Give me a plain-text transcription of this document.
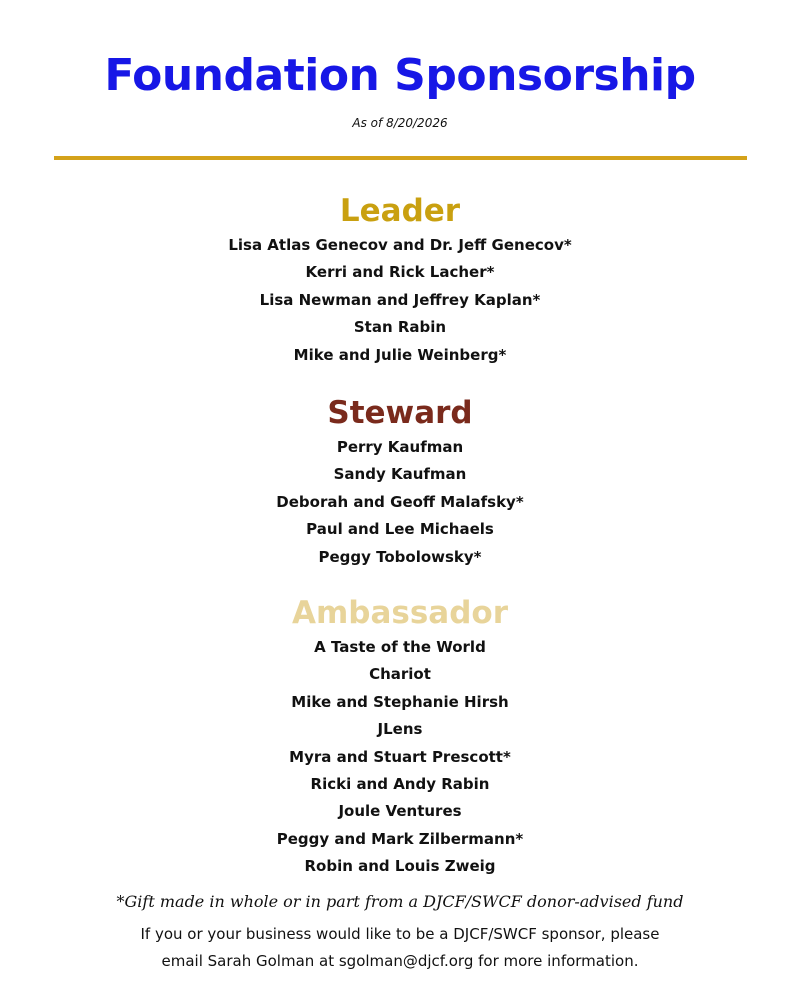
Foundation Sponsorship
As of 8/20/2026
Leader
Lisa Atlas Genecov and Dr. Jeff Genecov*
Kerri and Rick Lacher*
Lisa Newman and Jeffrey Kaplan*
Stan Rabin
Mike and Julie Weinberg*
Steward
Perry Kaufman
Sandy Kaufman
Deborah and Geoff Malafsky*
Paul and Lee Michaels
Peggy Tobolowsky*
Ambassador
A Taste of the World
Chariot
Mike and Stephanie Hirsh
JLens
Myra and Stuart Prescott*
Ricki and Andy Rabin
Joule Ventures
Peggy and Mark Zilbermann*
Robin and Louis Zweig
*Gift made in whole or in part from a DJCF/SWCF donor-advised fund
If you or your business would like to be a DJCF/SWCF sponsor, please
email Sarah Golman at sgolman@djcf.org for more information.
